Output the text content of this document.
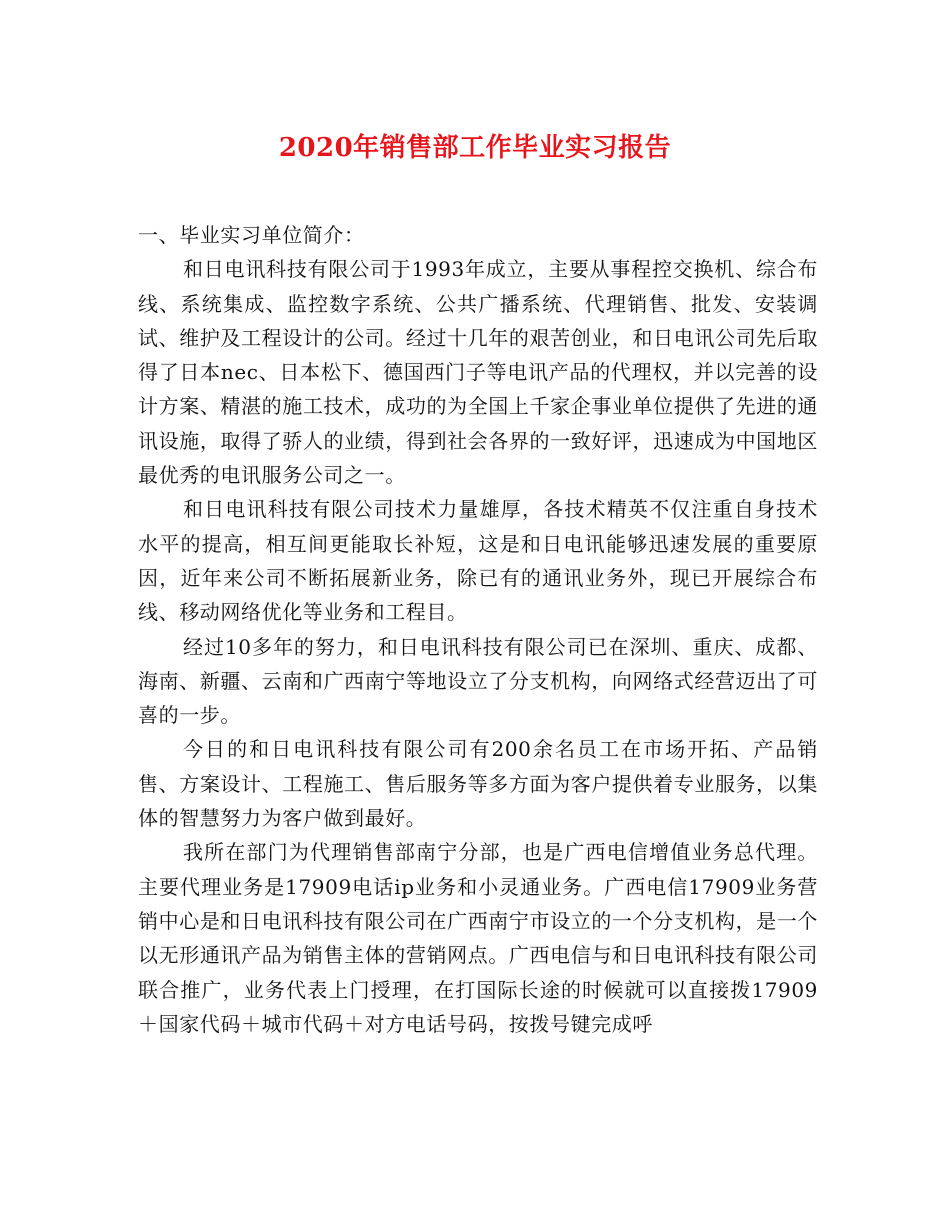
2020年销售部工作毕业实习报告

一、毕业实习单位简介：

和日电讯科技有限公司于1993年成立，主要从事程控交换机、综合布线、系统集成、监控数字系统、公共广播系统、代理销售、批发、安装调试、维护及工程设计的公司。经过十几年的艰苦创业，和日电讯公司先后取得了日本nec、日本松下、德国西门子等电讯产品的代理权，并以完善的设计方案、精湛的施工技术，成功的为全国上千家企事业单位提供了先进的通讯设施，取得了骄人的业绩，得到社会各界的一致好评，迅速成为中国地区最优秀的电讯服务公司之一。

和日电讯科技有限公司技术力量雄厚，各技术精英不仅注重自身技术水平的提高，相互间更能取长补短，这是和日电讯能够迅速发展的重要原因，近年来公司不断拓展新业务，除已有的通讯业务外，现已开展综合布线、移动网络优化等业务和工程目。

经过10多年的努力，和日电讯科技有限公司已在深圳、重庆、成都、海南、新疆、云南和广西南宁等地设立了分支机构，向网络式经营迈出了可喜的一步。

今日的和日电讯科技有限公司有200余名员工在市场开拓、产品销售、方案设计、工程施工、售后服务等多方面为客户提供着专业服务，以集体的智慧努力为客户做到最好。

我所在部门为代理销售部南宁分部，也是广西电信增值业务总代理。主要代理业务是17909电话ip业务和小灵通业务。广西电信17909业务营销中心是和日电讯科技有限公司在广西南宁市设立的一个分支机构，是一个以无形通讯产品为销售主体的营销网点。广西电信与和日电讯科技有限公司联合推广，业务代表上门授理，在打国际长途的时候就可以直接拨17909＋国家代码＋城市代码＋对方电话号码，按拨号键完成呼
